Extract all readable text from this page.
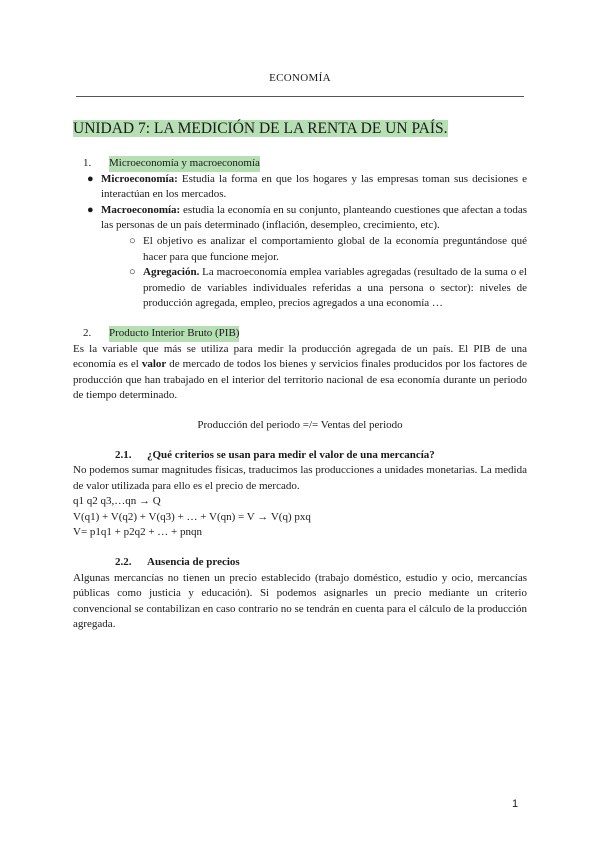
ECONOMÍA
UNIDAD 7: LA MEDICIÓN DE LA RENTA DE UN PAÍS.
1.	Microeconomía y macroeconomía
● Microeconomía: Estudia la forma en que los hogares y las empresas toman sus decisiones e interactúan en los mercados.
● Macroeconomía: estudia la economía en su conjunto, planteando cuestiones que afectan a todas las personas de un país determinado (inflación, desempleo, crecimiento, etc).
○ El objetivo es analizar el comportamiento global de la economía preguntándose qué hacer para que funcione mejor.
○ Agregación. La macroeconomía emplea variables agregadas (resultado de la suma o el promedio de variables individuales referidas a una persona o sector): niveles de producción agregada, empleo, precios agregados a una economía …
2.	Producto Interior Bruto (PIB)

Es la variable que más se utiliza para medir la producción agregada de un país. El PIB de una economía es el valor de mercado de todos los bienes y servicios finales producidos por los factores de producción que han trabajado en el interior del territorio nacional de esa economía durante un periodo de tiempo determinado.

Producción del periodo =/= Ventas del periodo

2.1.	¿Qué criterios se usan para medir el valor de una mercancía?

No podemos sumar magnitudes físicas, traducimos las producciones a unidades monetarias. La medida de valor utilizada para ello es el precio de mercado.

q1 q2 q3,…qn → Q

V(q1) + V(q2) + V(q3) + … + V(qn) = V → V(q) pxq

V= p1q1 + p2q2 + … + pnqn

2.2.	Ausencia de precios

Algunas mercancías no tienen un precio establecido (trabajo doméstico, estudio y ocio, mercancías públicas como justicia y educación). Si podemos asignarles un precio mediante un criterio convencional se contabilizan en caso contrario no se tendrán en cuenta para el cálculo de la producción agregada.

1
